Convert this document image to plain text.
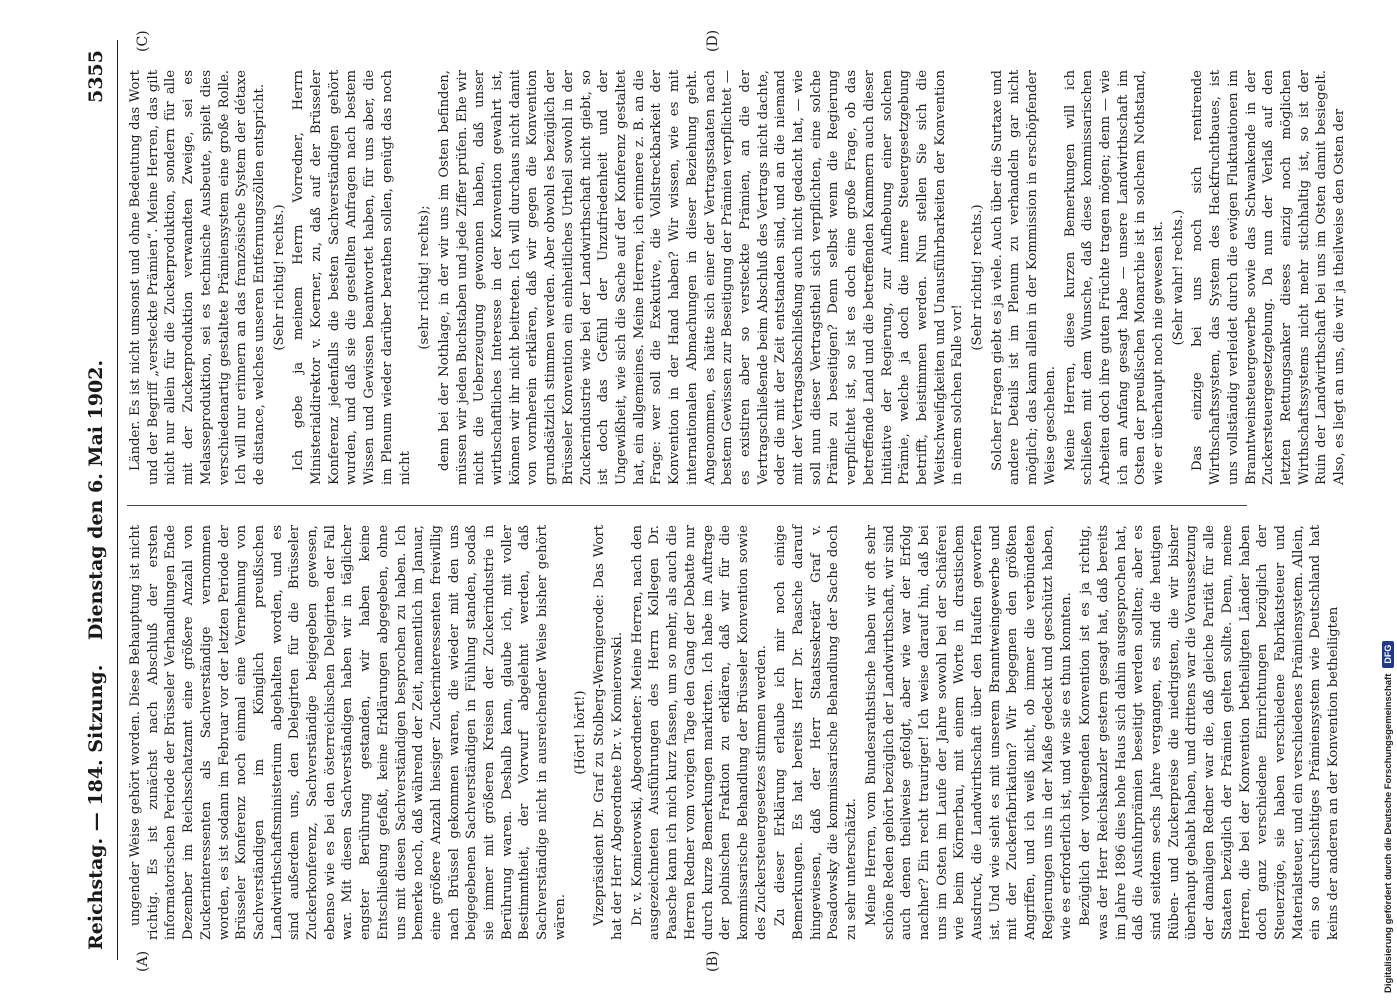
Reichstag. — 184. Sitzung.
Dienstag den 6. Mai 1902.
5355
(A)	(B)
(C)	(D)

ungender Weise gehört worden. Diese Behauptung ist nicht richtig. Es ist zunächst nach Abschluß der ersten informatorischen Periode der Brüsseler Verhandlungen Ende Dezember im Reichsschatzamt eine größere Anzahl von Zuckerinteressenten als Sachverständige vernommen worden, es ist sodann im Februar vor der letzten Periode der Brüsseler Konferenz noch einmal eine Vernehmung von Sachverständigen im Königlich preußischen Landwirthschaftsministerium abgehalten worden, und es sind außerdem uns, den Delegirten für die Brüsseler Zuckerkonferenz, Sachverständige beigegeben gewesen, ebenso wie es bei den österreichischen Delegirten der Fall war. Mit diesen Sachverständigen haben wir in täglicher engster Berührung gestanden, wir haben keine Entschließung gefaßt, keine Erklärungen abgegeben, ohne uns mit diesen Sachverständigen besprochen zu haben. Ich bemerke noch, daß während der Zeit, namentlich im Januar, eine größere Anzahl hiesiger Zuckerinteressenten freiwillig nach Brüssel gekommen waren, die wieder mit den uns beigegebenen Sachverständigen in Fühlung standen, sodaß sie immer mit größeren Kreisen der Zuckerindustrie in Berührung waren. Deshalb kann, glaube ich, mit voller Bestimmtheit, der Vorwurf abgelehnt werden, daß Sachverständige nicht in ausreichender Weise bisher gehört wären.

(Hört! hört!) Vizepräsident Dr. Graf zu Stolberg-Wernigerode: Das Wort hat der Herr Abgeordnete Dr. v. Komierowski. Dr. v. Komierowski, Abgeordneter: Meine Herren, nach den ausgezeichneten Ausführungen des Herrn Kollegen Dr. Paasche kann ich mich kurz fassen, um so mehr, als auch die Herren Redner vom vorigen Tage den Gang der Debatte nur durch kurze Bemerkungen markirten. Ich habe im Auftrage der polnischen Fraktion zu erklären, daß wir für die kommissarische Behandlung der Brüsseler Konvention sowie des Zuckersteuergesetzes stimmen werden. Zu dieser Erklärung erlaube ich mir noch einige Bemerkungen. Es hat bereits Herr Dr. Paasche darauf hingewiesen, daß der Herr Staatssekretär Graf v. Posadowsky die kommissarische Behandlung der Sache doch zu sehr unterschätzt. Meine Herren, vom Bundesrathstische haben wir oft sehr schöne Reden gehört bezüglich der Landwirthschaft, wir sind auch denen theilweise gefolgt, aber wie war der Erfolg nachher? Ein recht trauriger! Ich weise darauf hin, daß bei uns im Osten im Laufe der Jahre sowohl bei der Schäferei wie beim Körnerbau, mit einem Worte in drastischem Ausdruck, die Landwirthschaft über den Haufen geworfen ist. Und wie sieht es mit unserem Branntweingewerbe und mit der Zuckerfabrikation? Wir begegnen den größten Angriffen, und ich weiß nicht, ob immer die verbündeten Regierungen uns in der Maße gedeckt und geschützt haben, wie es erforderlich ist, und wie sie es thun konnten. Bezüglich der vorliegenden Konvention ist es ja richtig, was der Herr Reichskanzler gestern gesagt hat, daß bereits im Jahre 1896 dies hohe Haus sich dahin ausgesprochen hat, daß die Ausfuhrprämien beseitigt werden sollten; aber es sind seitdem sechs Jahre vergangen, es sind die heutigen Rüben- und Zuckerpreise die niedrigsten, die wir bisher überhaupt gehabt haben, und drittens war die Voraussetzung der damaligen Redner war die, daß gleiche Parität für alle Staaten bezüglich der Prämien gelten sollte. Denn, meine Herren, die bei der Konvention betheiligten Länder haben doch ganz verschiedene Einrichtungen bezüglich der Steuerzüge, sie haben verschiedene Fabrikatsteuer und Materialsteuer, und ein verschiedenes Prämiensystem. Allein, ein so durchsichtiges Prämiensystem wie Deutschland hat keins der anderen an der Konvention betheiligten

Länder. Es ist nicht umsonst und ohne Bedeutung das Wort und der Begriff „versteckte Prämien“. Meine Herren, das gilt nicht nur allein für die Zuckerproduktion, sondern für alle mit der Zuckerproduktion verwandten Zweige, sei es Melasseproduktion, sei es technische Ausbeute, spielt dies verschiedenartig gestaltete Prämiensystem eine große Rolle. Ich will nur erinnern an das französische System der détaxe de distance, welches unseren Entfernungszöllen entspricht. (Sehr richtig! rechts.) Ich gebe ja meinem Herrn Vorredner, Herrn Ministerialdirektor v. Koerner, zu, daß auf der Brüsseler Konferenz jedenfalls die besten Sachverständigen gehört wurden, und daß sie die gestellten Anfragen nach bestem Wissen und Gewissen beantwortet haben, für uns aber, die im Plenum wieder darüber berathen sollen, genügt das noch nicht

(sehr richtig! rechts); denn bei der Nothlage, in der wir uns im Osten befinden, müssen wir jeden Buchstaben und jede Ziffer prüfen. Ehe wir nicht die Ueberzeugung gewonnen haben, daß unser wirthschaftliches Interesse in der Konvention gewahrt ist, können wir ihr nicht beitreten. Ich will durchaus nicht damit von vornherein erklären, daß wir gegen die Konvention grundsätzlich stimmen werden. Aber obwohl es bezüglich der Brüsseler Konvention ein einheitliches Urtheil sowohl in der Zuckerindustrie wie bei der Landwirthschaft nicht giebt, so ist doch das Gefühl der Unzufriedenheit und der Ungewißheit, wie sich die Sache auf der Konferenz gestaltet hat, ein allgemeines. Meine Herren, ich erinnere z. B. an die Frage: wer soll die Exekutive, die Vollstreckbarkeit der Konvention in der Hand haben? Wir wissen, wie es mit internationalen Abmachungen in dieser Beziehung geht. Angenommen, es hätte sich einer der Vertragsstaaten nach bestem Gewissen zur Beseitigung der Prämien verpflichtet — es existiren aber so versteckte Prämien, an die der Vertragschließende beim Abschluß des Vertrags nicht dachte, oder die mit der Zeit entstanden sind, und an die niemand mit der Vertragsabschließung auch nicht gedacht hat, — wie soll nun dieser Vertragstheil sich verpflichten, eine solche Prämie zu beseitigen? Denn selbst wenn die Regierung verpflichtet ist, so ist es doch eine große Frage, ob das betreffende Land und die betreffenden Kammern auch dieser Initiative der Regierung, zur Aufhebung einer solchen Prämie, welche ja doch die innere Steuergesetzgebung betrifft, beistimmen werden. Nun stellen Sie sich die Weitschweifigkeiten und Unausführbarkeiten der Konvention in einem solchen Falle vor!

(Sehr richtig! rechts.) Solcher Fragen giebt es ja viele. Auch über die Surtaxe und andere Details ist im Plenum zu verhandeln gar nicht möglich; das kann allein in der Kommission in erschöpfender Weise geschehen. Meine Herren, diese kurzen Bemerkungen will ich schließen mit dem Wunsche, daß diese kommissarischen Arbeiten doch ihre guten Früchte tragen mögen; denn — wie ich am Anfang gesagt habe — unsere Landwirthschaft im Osten der preußischen Monarchie ist in solchem Nothstand, wie er überhaupt noch nie gewesen ist. (Sehr wahr! rechts.) Das einzige bei uns noch sich rentirende Wirthschaftssystem, das System des Hackfruchtbaues, ist uns vollständig verleidet durch die ewigen Fluktuationen im Branntweinsteuergewerbe sowie das Schwankende in der Zuckersteuergesetzgebung. Da nun der Verlaß auf den letzten Rettungsanker dieses einzig noch möglichen Wirthschaftssystems nicht mehr stichhaltig ist, so ist der Ruin der Landwirthschaft bei uns im Osten damit besiegelt. Also, es liegt an uns, die wir ja theilweise den Osten der

Digitalisierung gefördert durch die Deutsche Forschungsgemeinschaft
DFG
